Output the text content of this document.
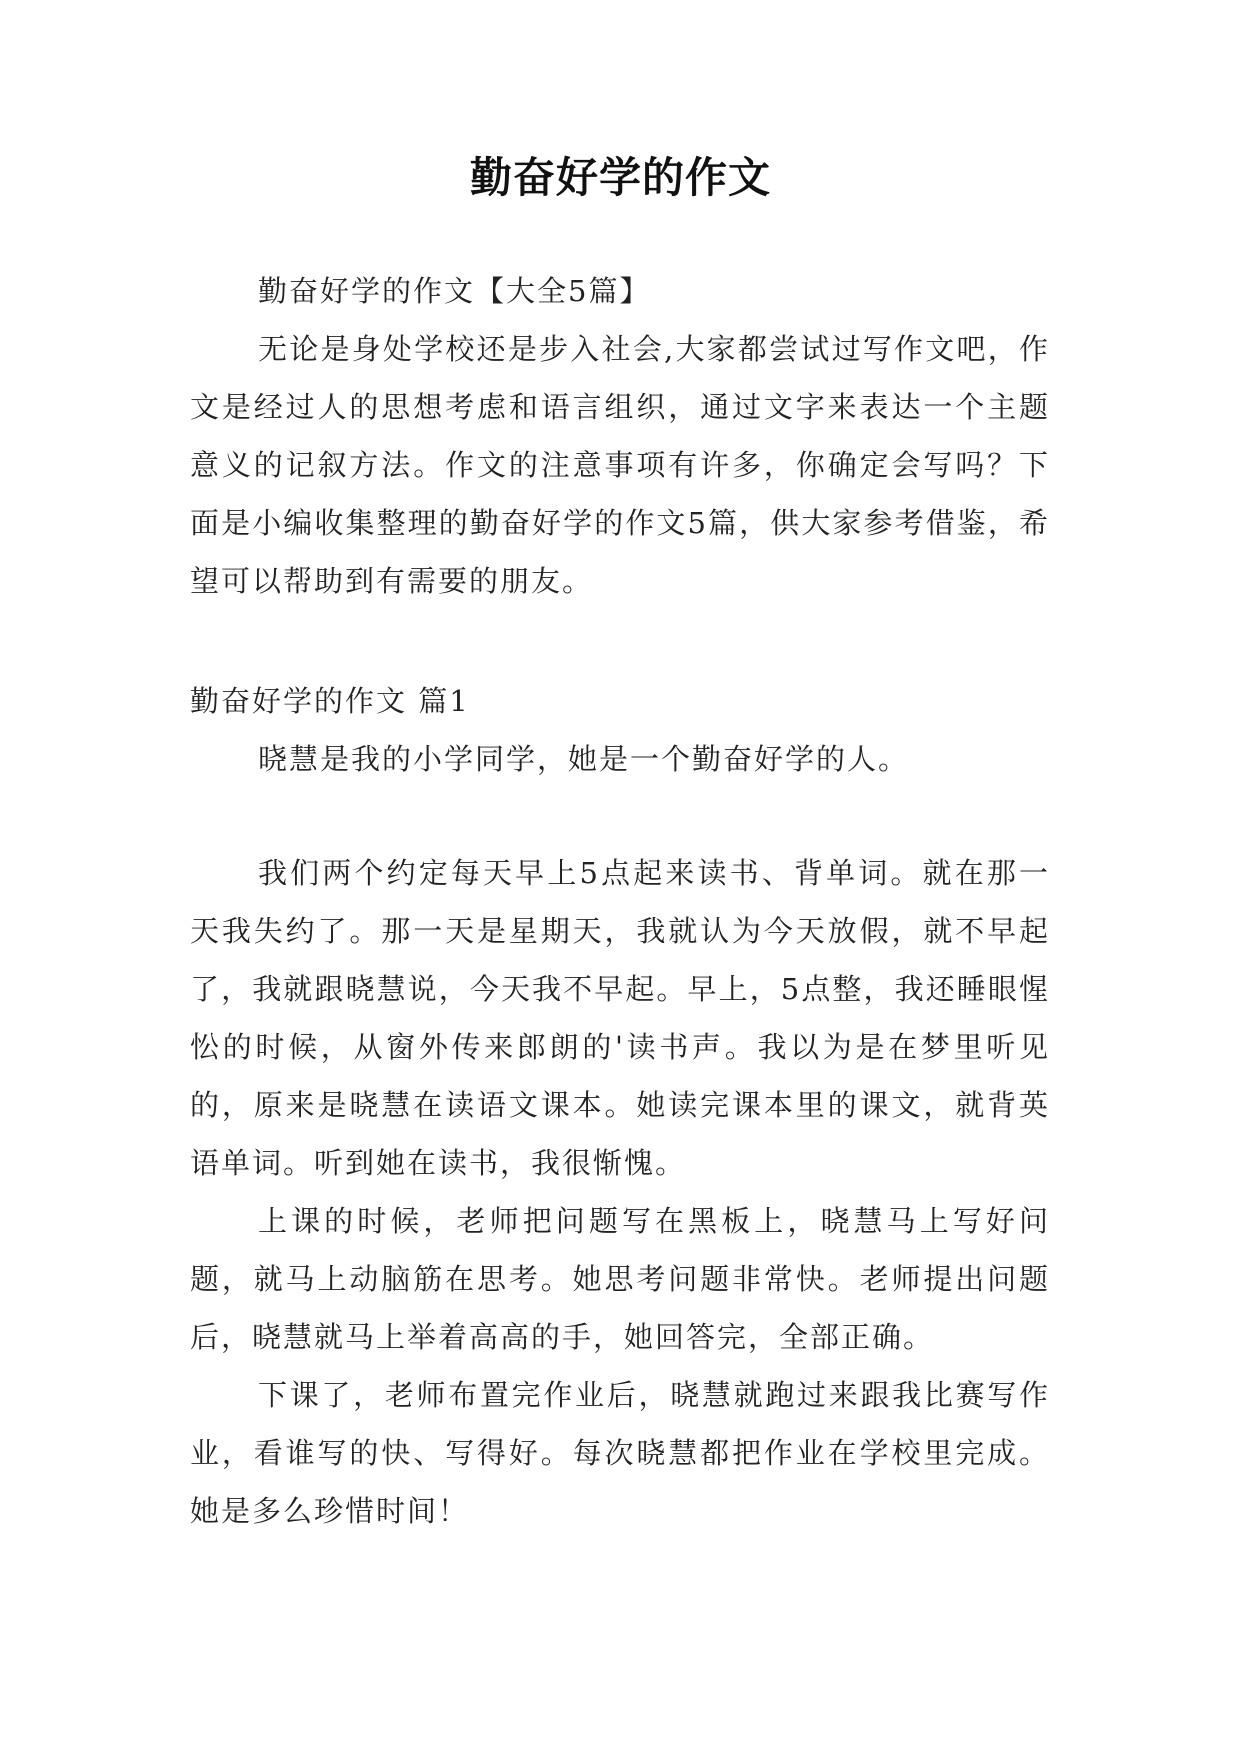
勤奋好学的作文

勤奋好学的作文【大全5篇】

无论是身处学校还是步入社会,大家都尝试过写作文吧，作文是经过人的思想考虑和语言组织，通过文字来表达一个主题意义的记叙方法。作文的注意事项有许多，你确定会写吗？下面是小编收集整理的勤奋好学的作文5篇，供大家参考借鉴，希望可以帮助到有需要的朋友。

勤奋好学的作文 篇1

晓慧是我的小学同学，她是一个勤奋好学的人。

我们两个约定每天早上5点起来读书、背单词。就在那一天我失约了。那一天是星期天，我就认为今天放假，就不早起了，我就跟晓慧说，今天我不早起。早上，5点整，我还睡眼惺忪的时候，从窗外传来郎朗的'读书声。我以为是在梦里听见的，原来是晓慧在读语文课本。她读完课本里的课文，就背英语单词。听到她在读书，我很惭愧。

上课的时候，老师把问题写在黑板上，晓慧马上写好问题，就马上动脑筋在思考。她思考问题非常快。老师提出问题后，晓慧就马上举着高高的手，她回答完，全部正确。

下课了，老师布置完作业后，晓慧就跑过来跟我比赛写作业，看谁写的快、写得好。每次晓慧都把作业在学校里完成。她是多么珍惜时间！
